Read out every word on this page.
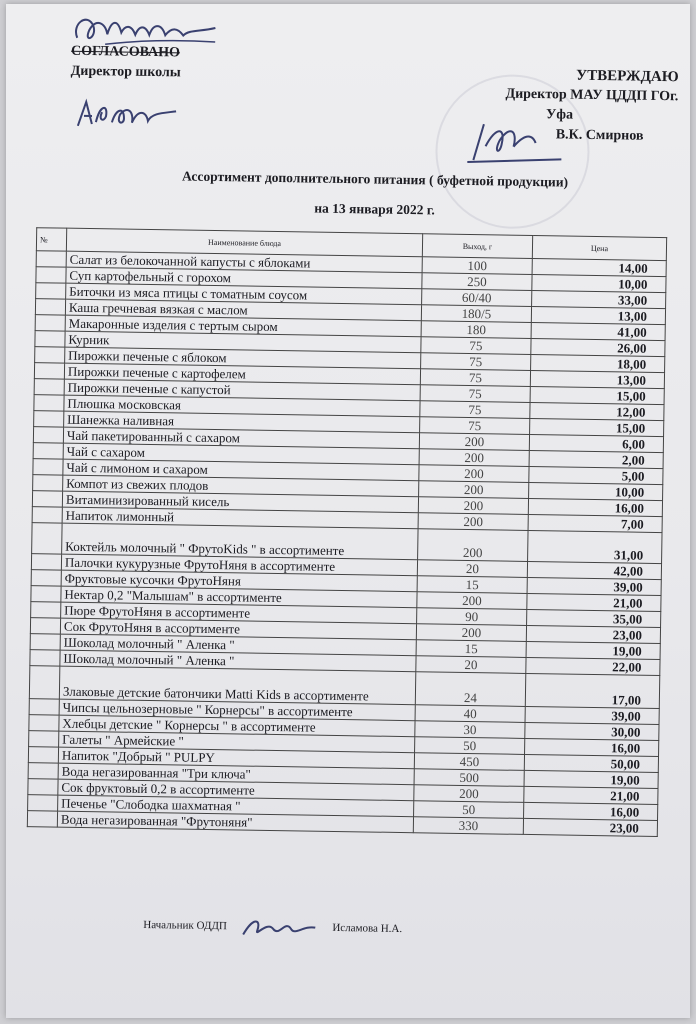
СОГЛАСОВАНО
Директор школы	УТВЕРЖДАЮ
Директор МАУ ЦДДП ГОг.
Уфа
В.К. Смирнов
Ассортимент дополнительного питания ( буфетной продукции)
на 13 января 2022 г.
№	Наименование блюда	Выход, г	Цена
	Салат из белокочанной капусты с яблоками	100	14,00
	Суп картофельный с горохом	250	10,00
	Биточки из мяса птицы с томатным соусом	60/40	33,00
	Каша гречневая вязкая с маслом	180/5	13,00
	Макаронные изделия с тертым сыром	180	41,00
	Курник	75	26,00
	Пирожки печеные с яблоком	75	18,00
	Пирожки печеные с картофелем	75	13,00
	Пирожки печеные с капустой	75	15,00
	Плюшка московская	75	12,00
	Шанежка наливная	75	15,00
	Чай пакетированный с сахаром	200	6,00
	Чай с сахаром	200	2,00
	Чай с лимоном и сахаром	200	5,00
	Компот из свежих плодов	200	10,00
	Витаминизированный кисель	200	16,00
	Напиток лимонный	200	7,00
	Коктейль молочный " ФрутоKids " в ассортименте	200	31,00
	Палочки кукурузные ФрутоНяня в ассортименте	20	42,00
	Фруктовые кусочки ФрутоНяня	15	39,00
	Нектар 0,2 "Малышам" в ассортименте	200	21,00
	Пюре ФрутоНяня в ассортименте	90	35,00
	Сок ФрутоНяня в ассортименте	200	23,00
	Шоколад молочный " Аленка "	15	19,00
	Шоколад молочный " Аленка "	20	22,00
	Злаковые детские батончики Matti Kids в ассортименте	24	17,00
	Чипсы цельнозерновые " Корнерсы" в ассортименте	40	39,00
	Хлебцы детские " Корнерсы " в ассортименте	30	30,00
	Галеты " Армейские "	50	16,00
	Напиток "Добрый " PULPY	450	50,00
	Вода негазированная "Три ключа"	500	19,00
	Сок фруктовый 0,2 в ассортименте	200	21,00
	Печенье "Слободка шахматная "	50	16,00
	Вода негазированная "Фрутоняня"	330	23,00
Начальник ОДДП	Исламова Н.А.
